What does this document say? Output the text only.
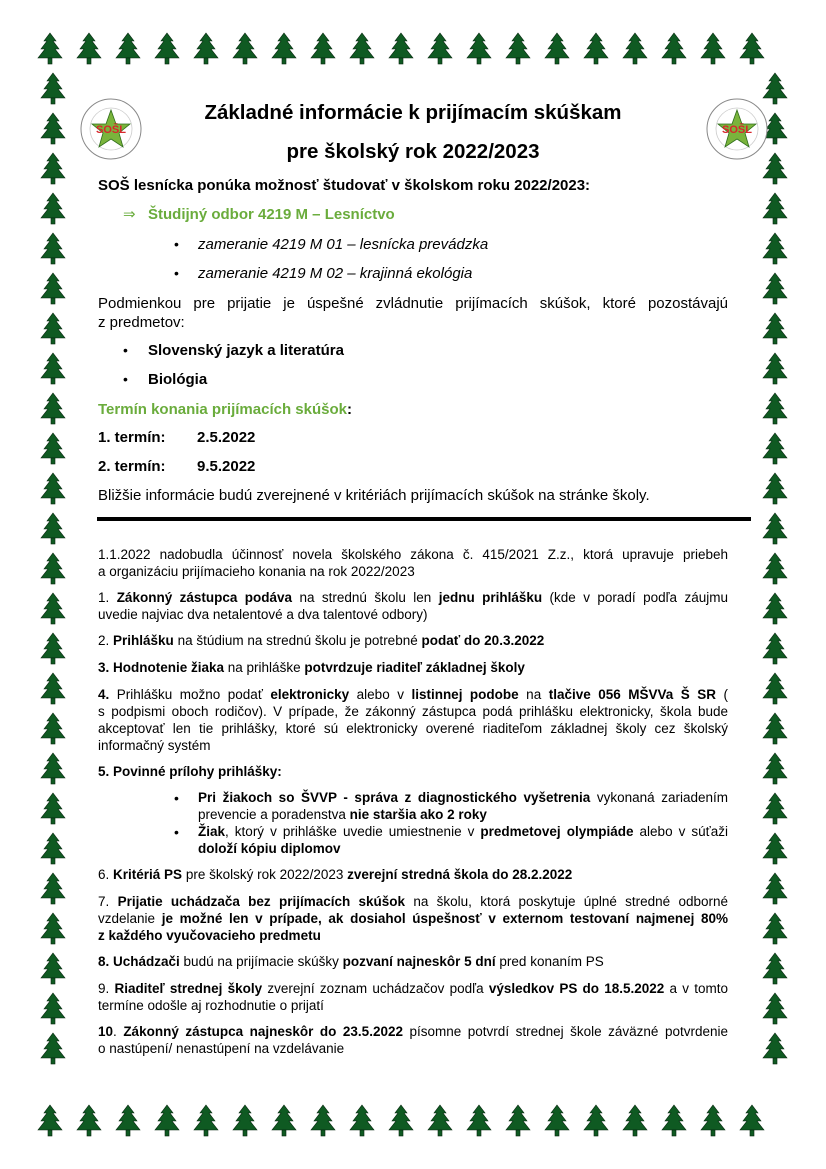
SOŠL	SOŠL
Základné informácie k prijímacím skúškam
pre školský rok 2022/2023
SOŠ lesnícka ponúka možnosť študovať v školskom roku 2022/2023:
⇒ Študijný odbor 4219 M – Lesníctvo
• zameranie 4219 M 01 – lesnícka prevádzka
• zameranie 4219 M 02 – krajinná ekológia
Podmienkou pre prijatie je úspešné zvládnutie prijímacích skúšok, ktoré pozostávajú
z predmetov:
• Slovenský jazyk a literatúra
• Biológia
Termín konania prijímacích skúšok:
1. termín: 2.5.2022
2. termín: 9.5.2022
Bližšie informácie budú zverejnené v kritériách prijímacích skúšok na stránke školy.
1.1.2022 nadobudla účinnosť novela školského zákona č. 415/2021 Z.z., ktorá upravuje priebeh
a organizáciu prijímacieho konania na rok 2022/2023
1. Zákonný zástupca podáva na strednú školu len jednu prihlášku (kde v poradí podľa záujmu
uvedie najviac dva netalentové a dva talentové odbory)
2. Prihlášku na štúdium na strednú školu je potrebné podať do 20.3.2022
3. Hodnotenie žiaka na prihláške potvrdzuje riaditeľ základnej školy
4. Prihlášku možno podať elektronicky alebo v listinnej podobe na tlačive 056 MŠVVa Š SR (
s podpismi oboch rodičov). V prípade, že zákonný zástupca podá prihlášku elektronicky, škola bude
akceptovať len tie prihlášky, ktoré sú elektronicky overené riaditeľom základnej školy cez školský
informačný systém
5. Povinné prílohy prihlášky:
• Pri žiakoch so ŠVVP - správa z diagnostického vyšetrenia vykonaná zariadením
prevencie a poradenstva nie staršia ako 2 roky
• Žiak, ktorý v prihláške uvedie umiestnenie v predmetovej olympiáde alebo v súťaži
doloží kópiu diplomov
6. Kritériá PS pre školský rok 2022/2023 zverejní stredná škola do 28.2.2022
7. Prijatie uchádzača bez prijímacích skúšok na školu, ktorá poskytuje úplné stredné odborné
vzdelanie je možné len v prípade, ak dosiahol úspešnosť v externom testovaní najmenej 80%
z každého vyučovacieho predmetu
8. Uchádzači budú na prijímacie skúšky pozvaní najneskôr 5 dní pred konaním PS
9. Riaditeľ strednej školy zverejní zoznam uchádzačov podľa výsledkov PS do 18.5.2022 a v tomto
termíne odošle aj rozhodnutie o prijatí
10. Zákonný zástupca najneskôr do 23.5.2022 písomne potvrdí strednej škole záväzné potvrdenie
o nastúpení/ nenastúpení na vzdelávanie
